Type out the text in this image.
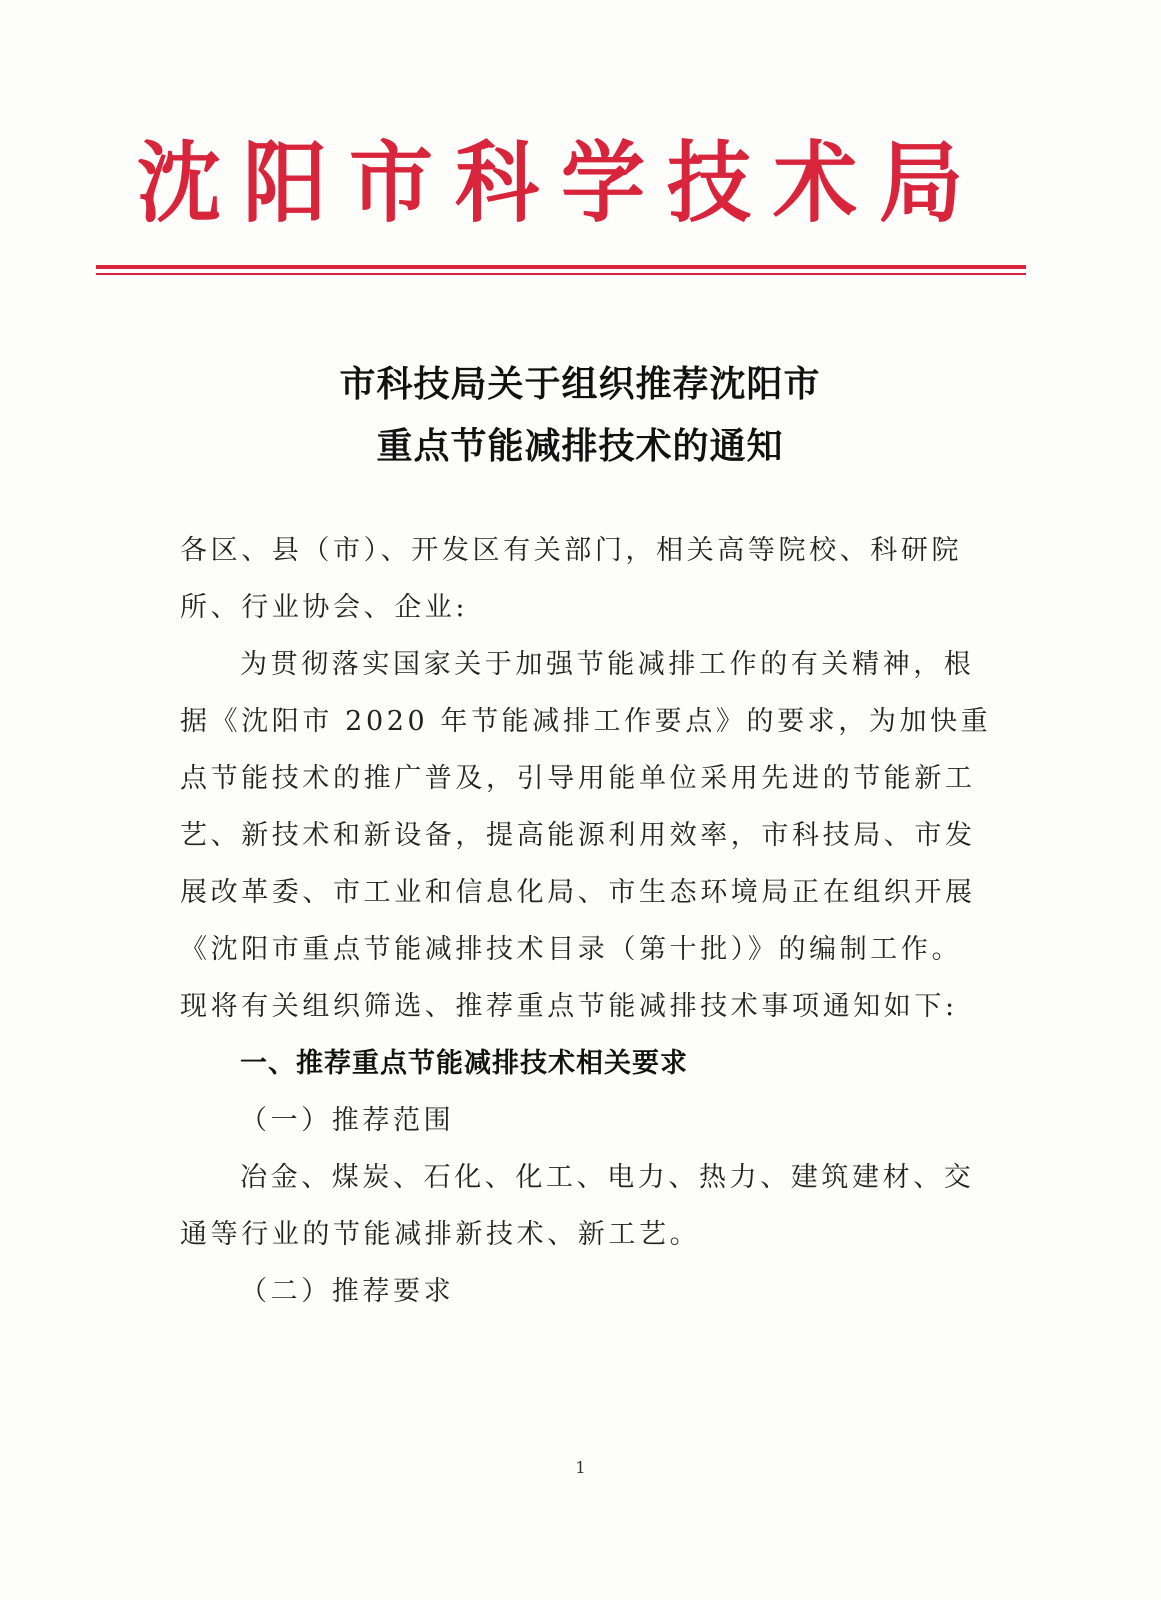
沈阳市科学技术局
市科技局关于组织推荐沈阳市
重点节能减排技术的通知
各区、县（市）、开发区有关部门，相关高等院校、科研院
所、行业协会、企业:
为贯彻落实国家关于加强节能减排工作的有关精神，根
据《沈阳市 2020 年节能减排工作要点》的要求，为加快重
点节能技术的推广普及，引导用能单位采用先进的节能新工
艺、新技术和新设备，提高能源利用效率，市科技局、市发
展改革委、市工业和信息化局、市生态环境局正在组织开展
《沈阳市重点节能减排技术目录（第十批）》的编制工作。
现将有关组织筛选、推荐重点节能减排技术事项通知如下:
一、推荐重点节能减排技术相关要求
（一）推荐范围
冶金、煤炭、石化、化工、电力、热力、建筑建材、交
通等行业的节能减排新技术、新工艺。
（二）推荐要求
1
